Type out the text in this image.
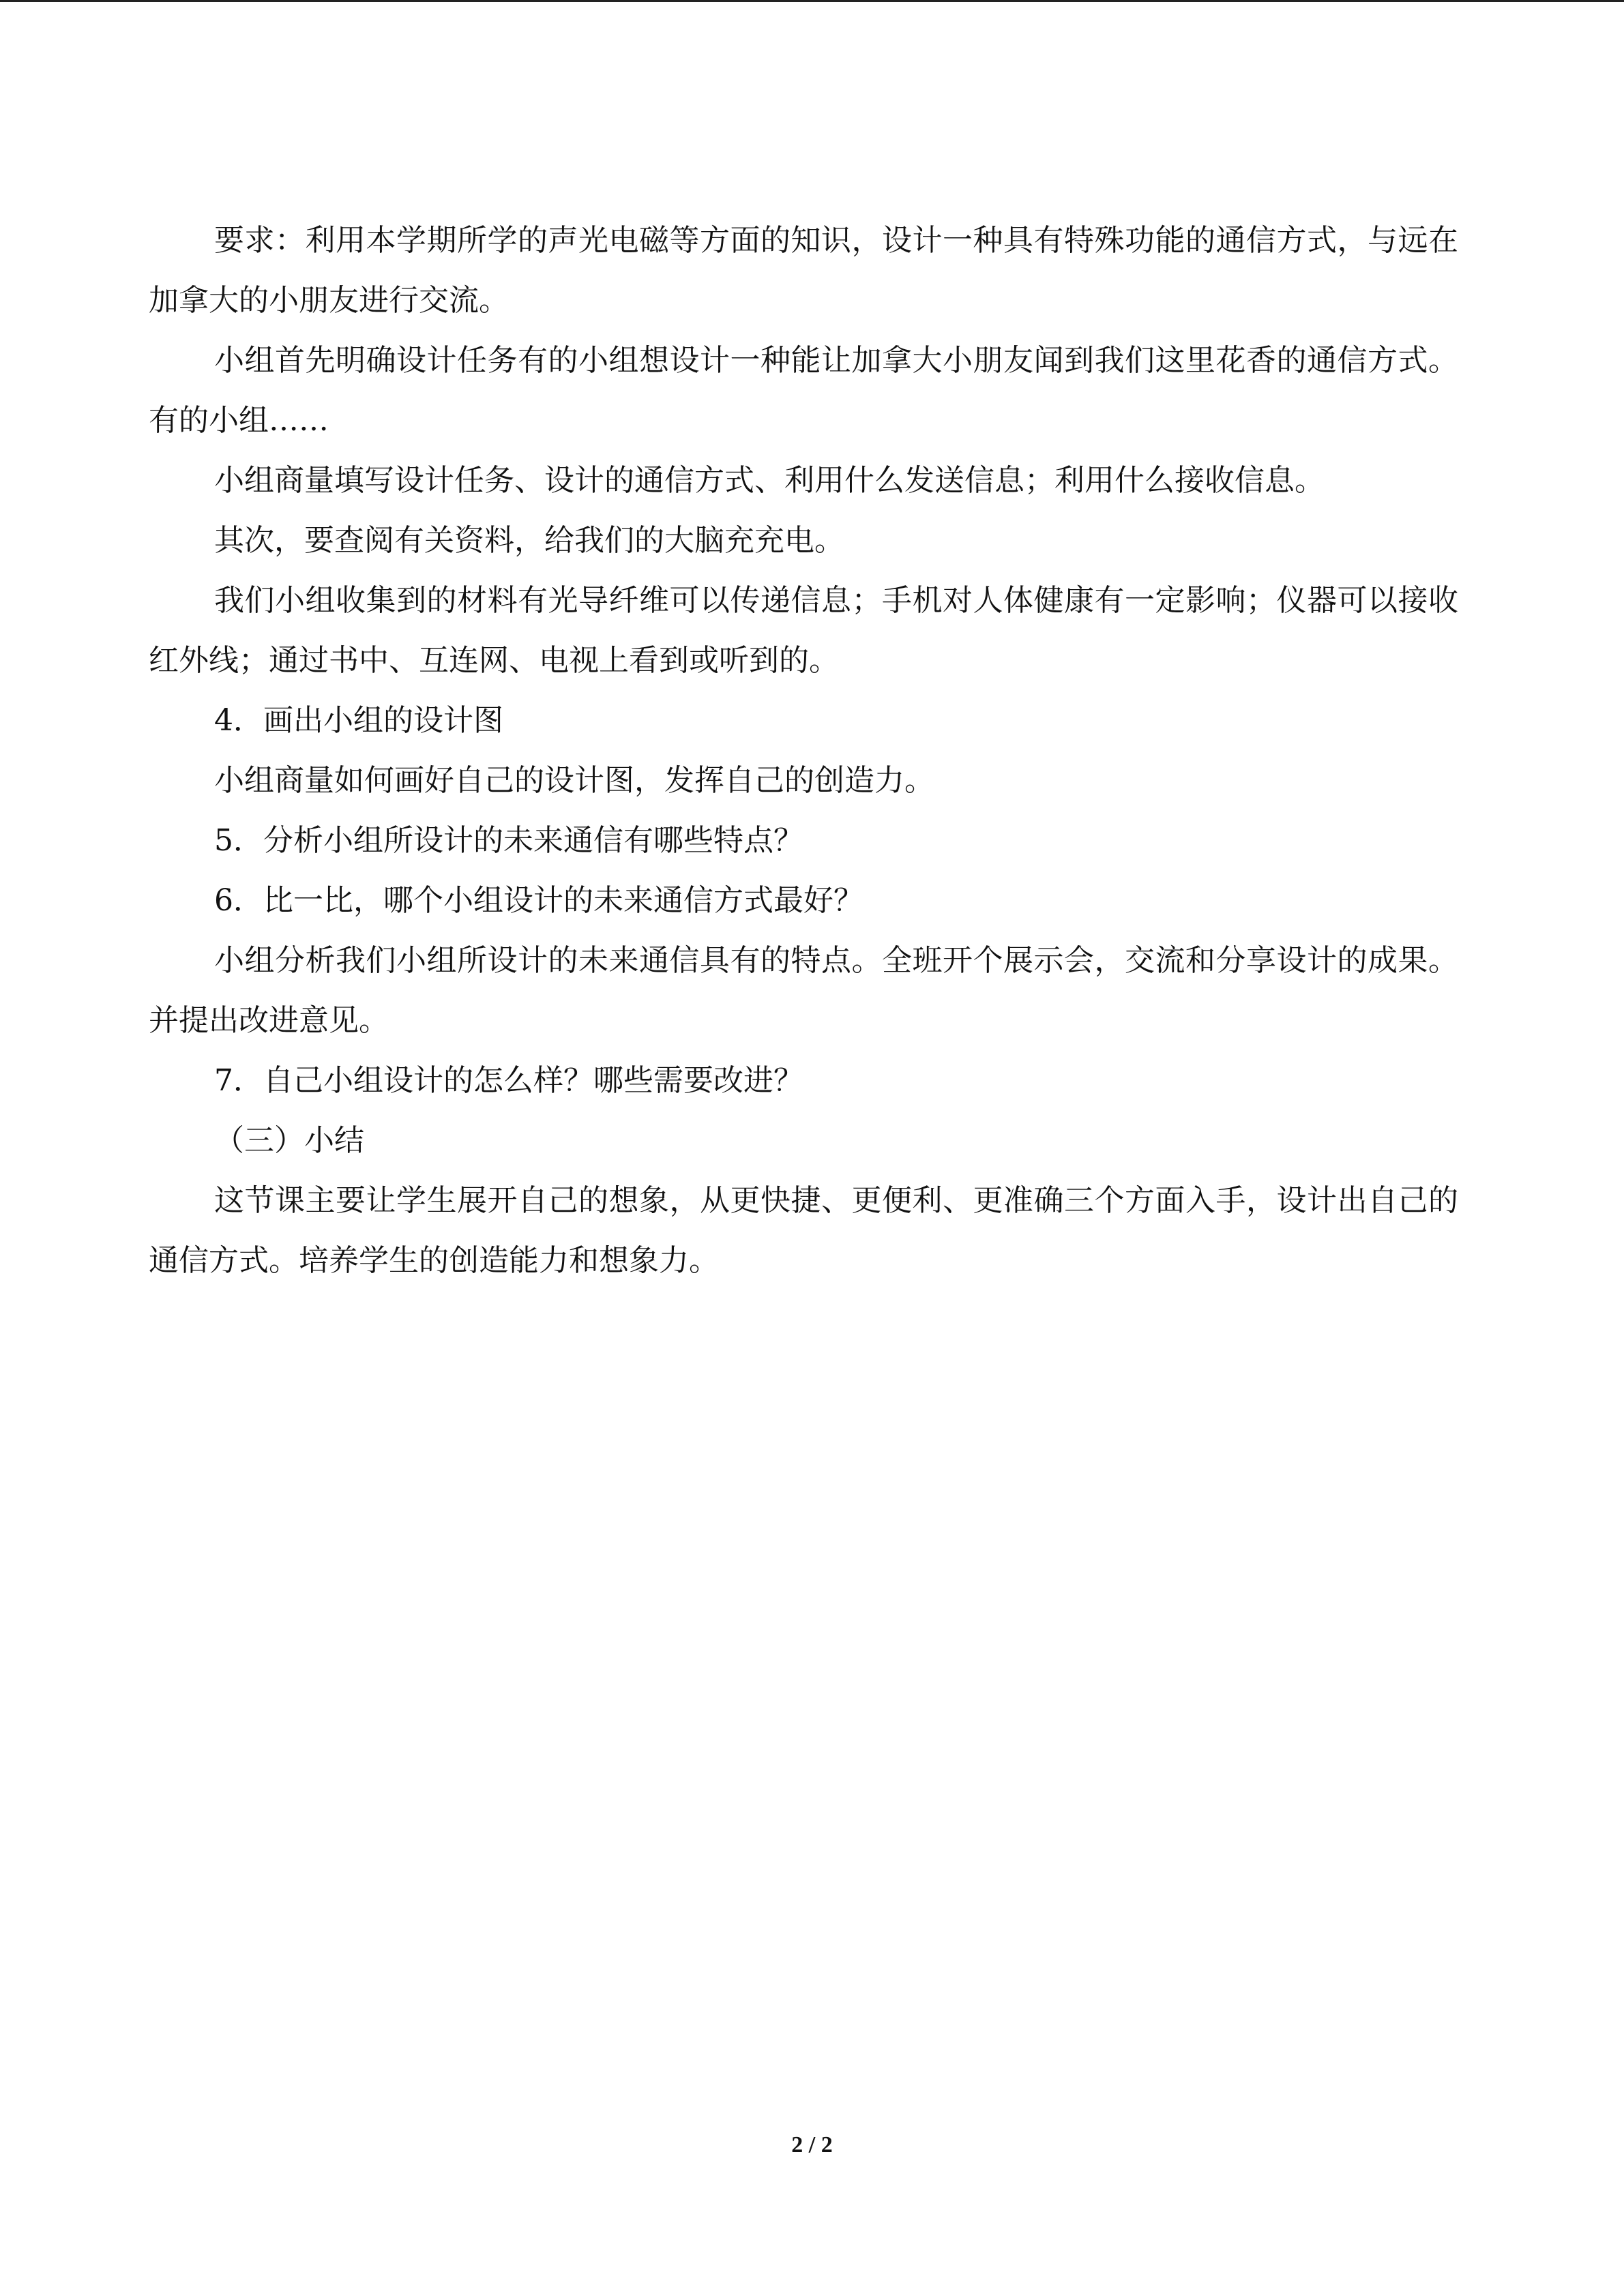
要求：利用本学期所学的声光电磁等方面的知识，设计一种具有特殊功能的通信方式，与远在加拿大的小朋友进行交流。

小组首先明确设计任务有的小组想设计一种能让加拿大小朋友闻到我们这里花香的通信方式。有的小组……

小组商量填写设计任务、设计的通信方式、利用什么发送信息；利用什么接收信息。

其次，要查阅有关资料，给我们的大脑充充电。

我们小组收集到的材料有光导纤维可以传递信息；手机对人体健康有一定影响；仪器可以接收红外线；通过书中、互连网、电视上看到或听到的。

4．画出小组的设计图

小组商量如何画好自己的设计图，发挥自己的创造力。

5．分析小组所设计的未来通信有哪些特点？

6．比一比，哪个小组设计的未来通信方式最好？

小组分析我们小组所设计的未来通信具有的特点。全班开个展示会，交流和分享设计的成果。并提出改进意见。

7．自己小组设计的怎么样？哪些需要改进？

（三）小结

这节课主要让学生展开自己的想象，从更快捷、更便利、更准确三个方面入手，设计出自己的通信方式。培养学生的创造能力和想象力。

2 / 2
